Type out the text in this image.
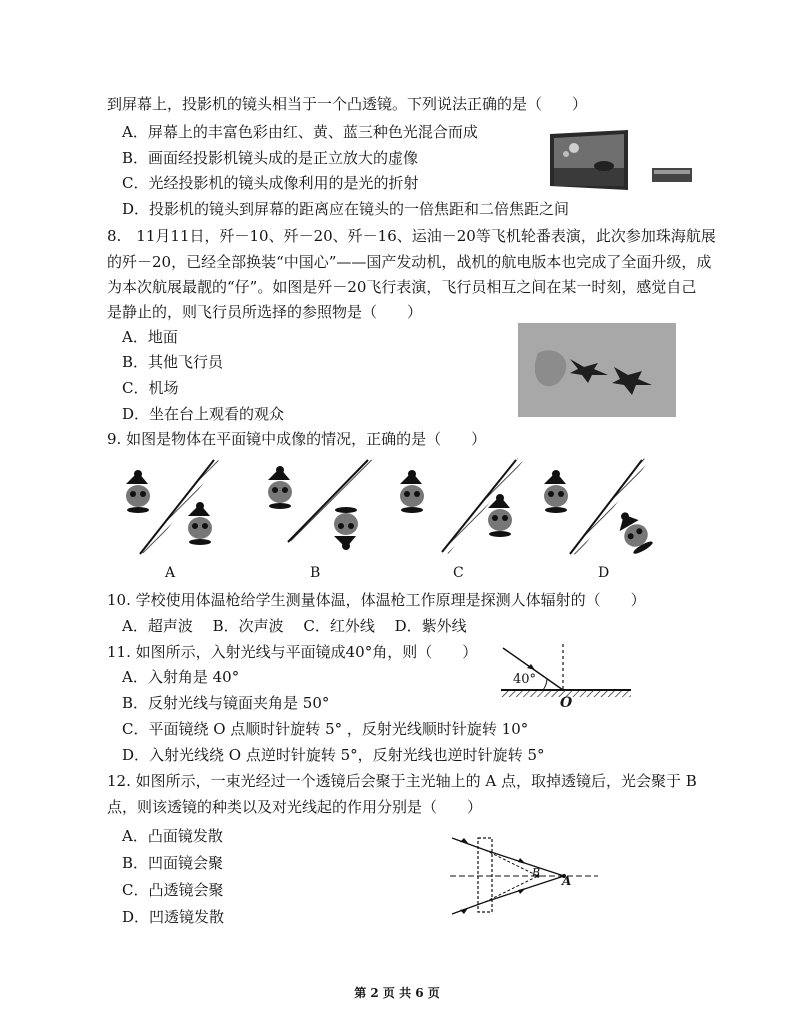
到屏幕上，投影机的镜头相当于一个凸透镜。下列说法正确的是（　　）
A．屏幕上的丰富色彩由红、黄、蓝三种色光混合而成
B．画面经投影机镜头成的是正立放大的虚像
C．光经投影机的镜头成像利用的是光的折射
D．投影机的镜头到屏幕的距离应在镜头的一倍焦距和二倍焦距之间
8.　11月11日，歼－10、歼－20、歼－16、运油－20等飞机轮番表演，此次参加珠海航展
的歼－20，已经全部换装“中国心”——国产发动机，战机的航电版本也完成了全面升级，成
为本次航展最靓的“仔”。如图是歼－20飞行表演，飞行员相互之间在某一时刻，感觉自己
是静止的，则飞行员所选择的参照物是（　　）
A．地面
B．其他飞行员
C．机场
D．坐在台上观看的观众
9. 如图是物体在平面镜中成像的情况，正确的是（　　）
A	B	C	D
10. 学校使用体温枪给学生测量体温，体温枪工作原理是探测人体辐射的（　　）
A．超声波　 B．次声波　 C．红外线　 D．紫外线
11. 如图所示，入射光线与平面镜成40°角，则（　　）
A．入射角是 40°
B．反射光线与镜面夹角是 50°
C．平面镜绕 O 点顺时针旋转 5° ，反射光线顺时针旋转 10°
D．入射光线绕 O 点逆时针旋转 5°，反射光线也逆时针旋转 5°
40°
O
12. 如图所示，一束光经过一个透镜后会聚于主光轴上的 A 点，取掉透镜后，光会聚于 B
点，则该透镜的种类以及对光线起的作用分别是（　　）
A．凸面镜发散
B．凹面镜会聚
C．凸透镜会聚
D．凹透镜发散
A
B
第 2 页 共 6 页
